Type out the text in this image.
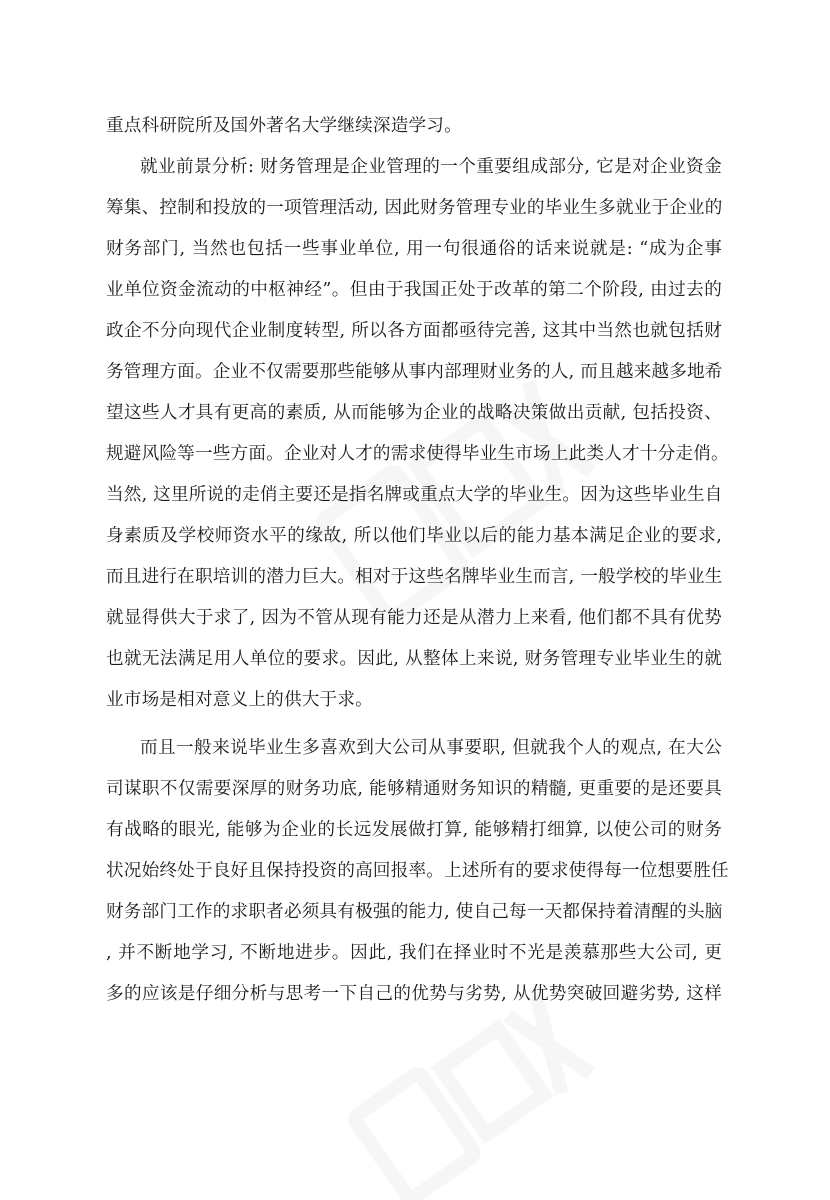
重点科研院所及国外著名大学继续深造学习。
就业前景分析: 财务管理是企业管理的一个重要组成部分, 它是对企业资金
筹集、控制和投放的一项管理活动, 因此财务管理专业的毕业生多就业于企业的
财务部门, 当然也包括一些事业单位, 用一句很通俗的话来说就是: “成为企事
业单位资金流动的中枢神经”。但由于我国正处于改革的第二个阶段, 由过去的
政企不分向现代企业制度转型, 所以各方面都亟待完善, 这其中当然也就包括财
务管理方面。企业不仅需要那些能够从事内部理财业务的人, 而且越来越多地希
望这些人才具有更高的素质, 从而能够为企业的战略决策做出贡献, 包括投资、
规避风险等一些方面。企业对人才的需求使得毕业生市场上此类人才十分走俏。
当然, 这里所说的走俏主要还是指名牌或重点大学的毕业生。因为这些毕业生自
身素质及学校师资水平的缘故, 所以他们毕业以后的能力基本满足企业的要求,
而且进行在职培训的潜力巨大。相对于这些名牌毕业生而言, 一般学校的毕业生
就显得供大于求了, 因为不管从现有能力还是从潜力上来看, 他们都不具有优势
也就无法满足用人单位的要求。因此, 从整体上来说, 财务管理专业毕业生的就
业市场是相对意义上的供大于求。
而且一般来说毕业生多喜欢到大公司从事要职, 但就我个人的观点, 在大公
司谋职不仅需要深厚的财务功底, 能够精通财务知识的精髓, 更重要的是还要具
有战略的眼光, 能够为企业的长远发展做打算, 能够精打细算, 以使公司的财务
状况始终处于良好且保持投资的高回报率。上述所有的要求使得每一位想要胜任
财务部门工作的求职者必须具有极强的能力, 使自己每一天都保持着清醒的头脑
, 并不断地学习, 不断地进步。因此, 我们在择业时不光是羡慕那些大公司, 更
多的应该是仔细分析与思考一下自己的优势与劣势, 从优势突破回避劣势, 这样
